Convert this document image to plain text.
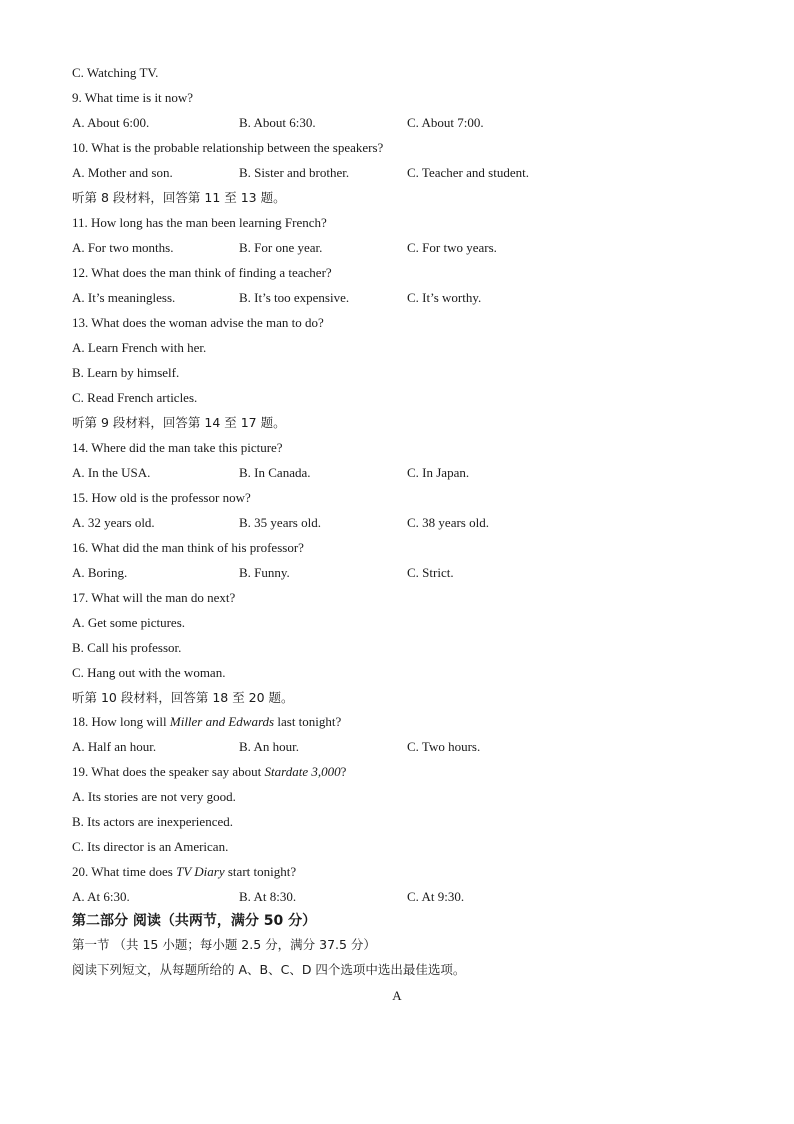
C. Watching TV.
9. What time is it now?
A. About 6:00.	B. About 6:30.	C. About 7:00.
10. What is the probable relationship between the speakers?
A. Mother and son.	B. Sister and brother.	C. Teacher and student.
听第 8 段材料，回答第 11 至 13 题。
11. How long has the man been learning French?
A. For two months.	B. For one year.	C. For two years.
12. What does the man think of finding a teacher?
A. It’s meaningless.	B. It’s too expensive.	C. It’s worthy.
13. What does the woman advise the man to do?
A. Learn French with her.
B. Learn by himself.
C. Read French articles.
听第 9 段材料，回答第 14 至 17 题。
14. Where did the man take this picture?
A. In the USA.	B. In Canada.	C. In Japan.
15. How old is the professor now?
A. 32 years old.	B. 35 years old.	C. 38 years old.
16. What did the man think of his professor?
A. Boring.	B. Funny.	C. Strict.
17. What will the man do next?
A. Get some pictures.
B. Call his professor.
C. Hang out with the woman.
听第 10 段材料，回答第 18 至 20 题。
18. How long will Miller and Edwards last tonight?
A. Half an hour.	B. An hour.	C. Two hours.
19. What does the speaker say about Stardate 3,000?
A. Its stories are not very good.
B. Its actors are inexperienced.
C. Its director is an American.
20. What time does TV Diary start tonight?
A. At 6:30.	B. At 8:30.	C. At 9:30.
第二部分 阅读（共两节，满分 50 分）
第一节 （共 15 小题；每小题 2.5 分，满分 37.5 分）
阅读下列短文，从每题所给的 A、B、C、D 四个选项中选出最佳选项。
A
